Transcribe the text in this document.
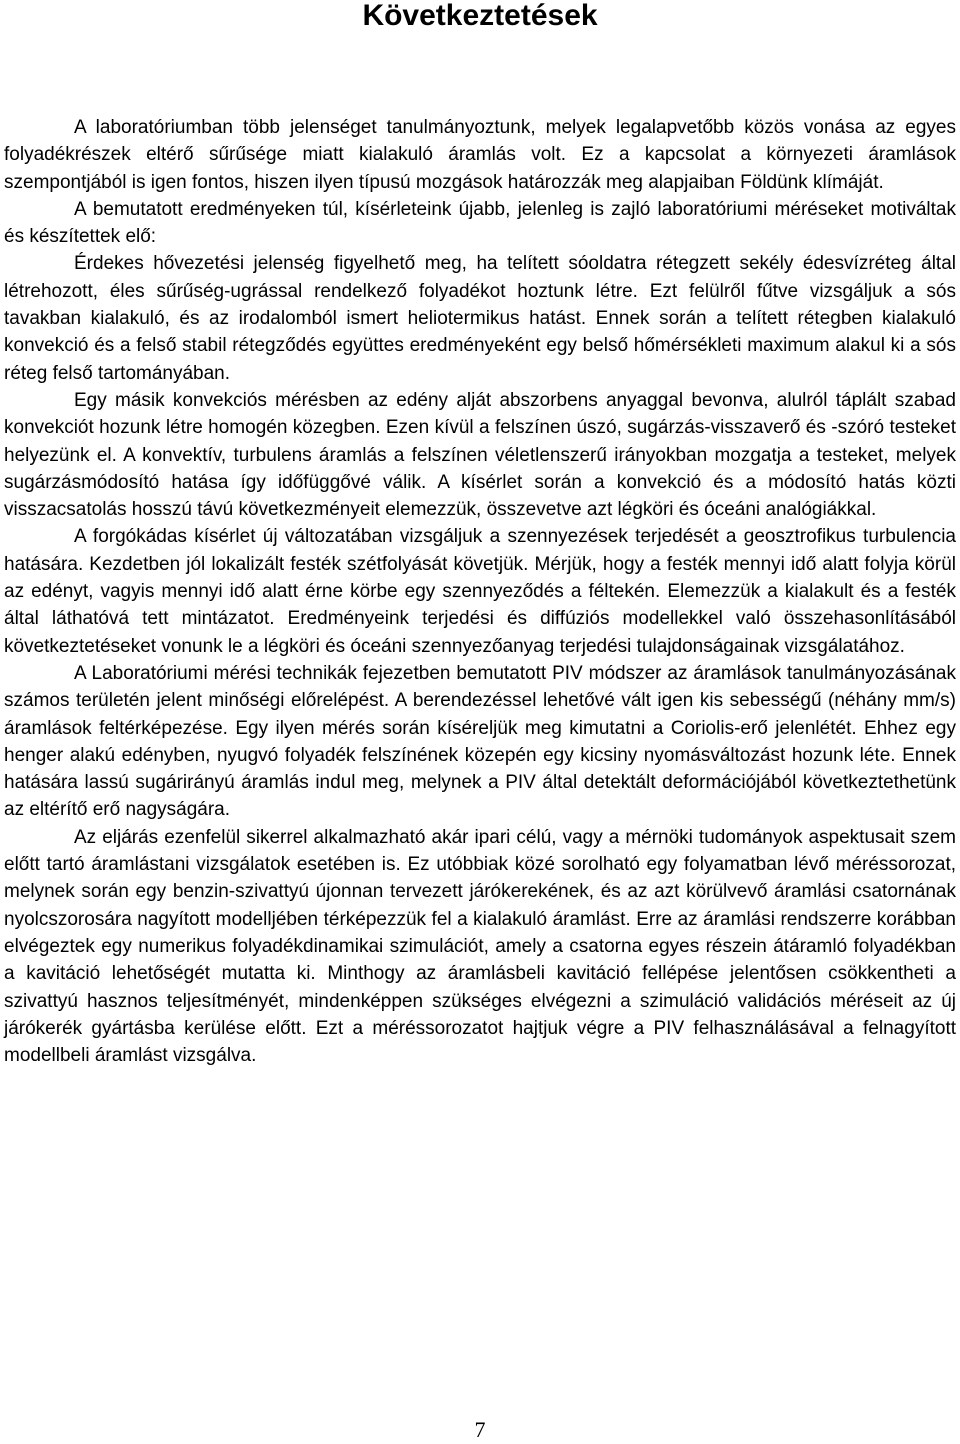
Következtetések

A laboratóriumban több jelenséget tanulmányoztunk, melyek legalapvetőbb közös vonása az egyes folyadékrészek eltérő sűrűsége miatt kialakuló áramlás volt. Ez a kapcsolat a környezeti áramlások szempontjából is igen fontos, hiszen ilyen típusú mozgások határozzák meg alapjaiban Földünk klímáját.

A bemutatott eredményeken túl, kísérleteink újabb, jelenleg is zajló laboratóriumi méréseket motiváltak és készítettek elő:

Érdekes hővezetési jelenség figyelhető meg, ha telített sóoldatra rétegzett sekély édesvízréteg által létrehozott, éles sűrűség-ugrással rendelkező folyadékot hoztunk létre. Ezt felülről fűtve vizsgáljuk a sós tavakban kialakuló, és az irodalomból ismert heliotermikus hatást. Ennek során a telített rétegben kialakuló konvekció és a felső stabil rétegződés együttes eredményeként egy belső hőmérsékleti maximum alakul ki a sós réteg felső tartományában.

Egy másik konvekciós mérésben az edény alját abszorbens anyaggal bevonva, alulról táplált szabad konvekciót hozunk létre homogén közegben. Ezen kívül a felszínen úszó, sugárzás-visszaverő és -szóró testeket helyezünk el. A konvektív, turbulens áramlás a felszínen véletlenszerű irányokban mozgatja a testeket, melyek sugárzásmódosító hatása így időfüggővé válik. A kísérlet során a konvekció és a módosító hatás közti visszacsatolás hosszú távú következményeit elemezzük, összevetve azt légköri és óceáni analógiákkal.

A forgókádas kísérlet új változatában vizsgáljuk a szennyezések terjedését a geosztrofikus turbulencia hatására. Kezdetben jól lokalizált festék szétfolyását követjük. Mérjük, hogy a festék mennyi idő alatt folyja körül az edényt, vagyis mennyi idő alatt érne körbe egy szennyeződés a féltekén. Elemezzük a kialakult és a festék által láthatóvá tett mintázatot. Eredményeink terjedési és diffúziós modellekkel való összehasonlításából következtetéseket vonunk le a légköri és óceáni szennyezőanyag terjedési tulajdonságainak vizsgálatához.

A Laboratóriumi mérési technikák fejezetben bemutatott PIV módszer az áramlások tanulmányozásának számos területén jelent minőségi előrelépést. A berendezéssel lehetővé vált igen kis sebességű (néhány mm/s) áramlások feltérképezése. Egy ilyen mérés során kíséreljük meg kimutatni a Coriolis-erő jelenlétét. Ehhez egy henger alakú edényben, nyugvó folyadék felszínének közepén egy kicsiny nyomásváltozást hozunk léte. Ennek hatására lassú sugárirányú áramlás indul meg, melynek a PIV által detektált deformációjából következtethetünk az eltérítő erő nagyságára.

Az eljárás ezenfelül sikerrel alkalmazható akár ipari célú, vagy a mérnöki tudományok aspektusait szem előtt tartó áramlástani vizsgálatok esetében is. Ez utóbbiak közé sorolható egy folyamatban lévő méréssorozat, melynek során egy benzin-szivattyú újonnan tervezett járókerekének, és az azt körülvevő áramlási csatornának nyolcszorosára nagyított modelljében térképezzük fel a kialakuló áramlást. Erre az áramlási rendszerre korábban elvégeztek egy numerikus folyadékdinamikai szimulációt, amely a csatorna egyes részein átáramló folyadékban a kavitáció lehetőségét mutatta ki. Minthogy az áramlásbeli kavitáció fellépése jelentősen csökkentheti a szivattyú hasznos teljesítményét, mindenképpen szükséges elvégezni a szimuláció validációs méréseit az új járókerék gyártásba kerülése előtt. Ezt a méréssorozatot hajtjuk végre a PIV felhasználásával a felnagyított modellbeli áramlást vizsgálva.

7
